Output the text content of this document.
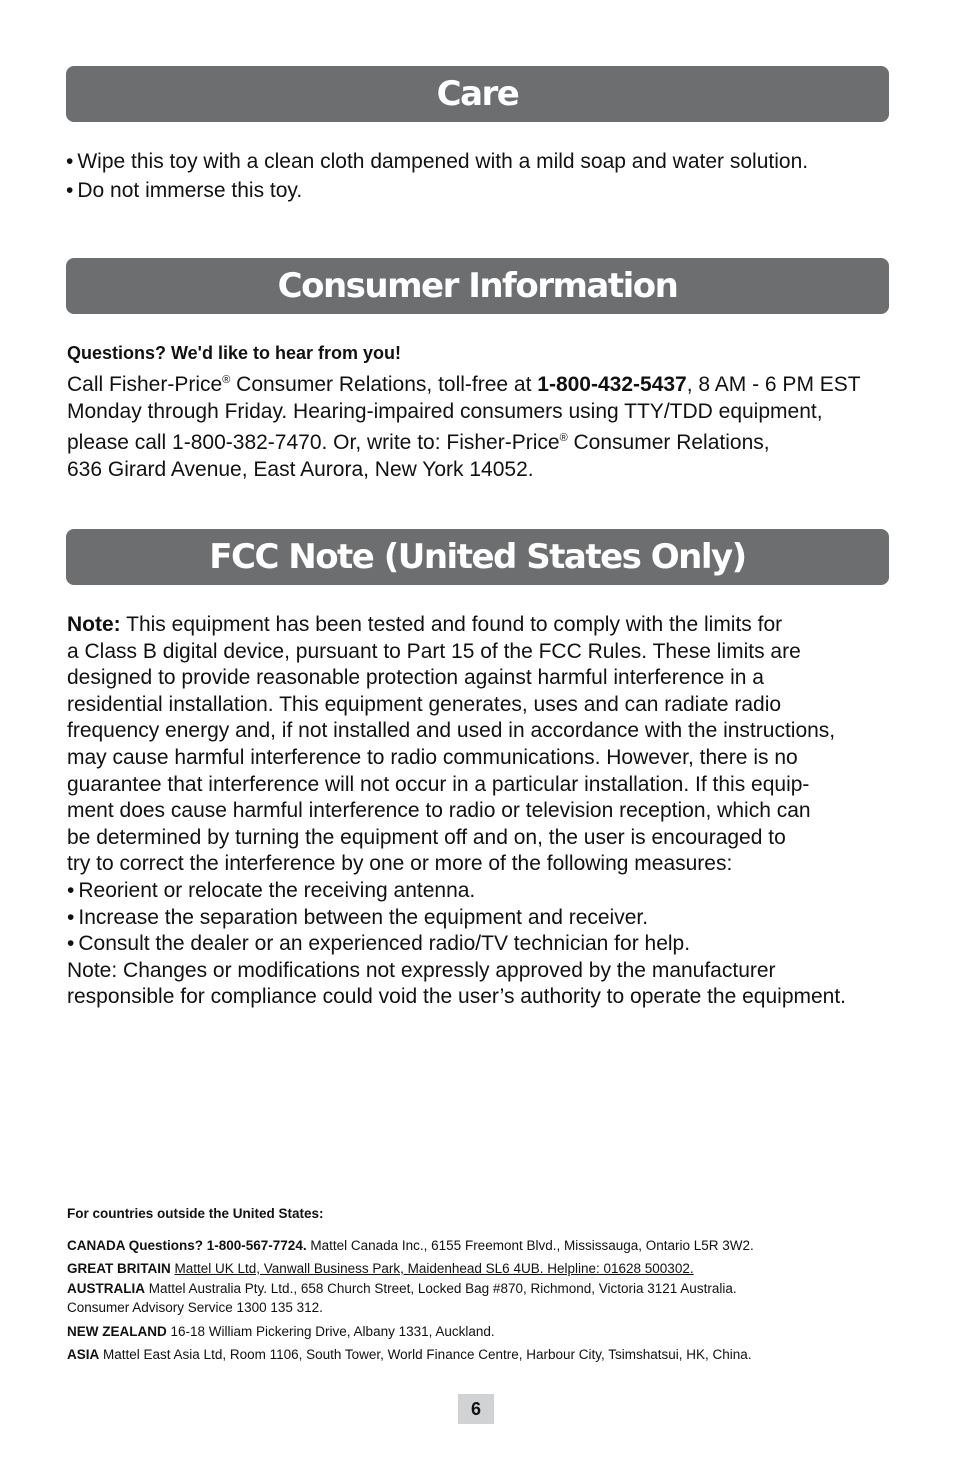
Care
• Wipe this toy with a clean cloth dampened with a mild soap and water solution.
• Do not immerse this toy.
Consumer Information
Questions? We'd like to hear from you!
Call Fisher-Price® Consumer Relations, toll-free at 1-800-432-5437, 8 AM - 6 PM EST
Monday through Friday. Hearing-impaired consumers using TTY/TDD equipment,
please call 1-800-382-7470. Or, write to: Fisher-Price® Consumer Relations,
636 Girard Avenue, East Aurora, New York 14052.
FCC Note (United States Only)
Note: This equipment has been tested and found to comply with the limits for
a Class B digital device, pursuant to Part 15 of the FCC Rules. These limits are
designed to provide reasonable protection against harmful interference in a
residential installation. This equipment generates, uses and can radiate radio
frequency energy and, if not installed and used in accordance with the instructions,
may cause harmful interference to radio communications. However, there is no
guarantee that interference will not occur in a particular installation. If this equip-
ment does cause harmful interference to radio or television reception, which can
be determined by turning the equipment off and on, the user is encouraged to
try to correct the interference by one or more of the following measures:
• Reorient or relocate the receiving antenna.
• Increase the separation between the equipment and receiver.
• Consult the dealer or an experienced radio/TV technician for help.
Note: Changes or modifications not expressly approved by the manufacturer
responsible for compliance could void the user’s authority to operate the equipment.
For countries outside the United States:
CANADA Questions? 1-800-567-7724. Mattel Canada Inc., 6155 Freemont Blvd., Mississauga, Ontario L5R 3W2.
GREAT BRITAIN Mattel UK Ltd, Vanwall Business Park, Maidenhead SL6 4UB. Helpline: 01628 500302.
AUSTRALIA Mattel Australia Pty. Ltd., 658 Church Street, Locked Bag #870, Richmond, Victoria 3121 Australia.
Consumer Advisory Service 1300 135 312.
NEW ZEALAND 16-18 William Pickering Drive, Albany 1331, Auckland.
ASIA Mattel East Asia Ltd, Room 1106, South Tower, World Finance Centre, Harbour City, Tsimshatsui, HK, China.
6
